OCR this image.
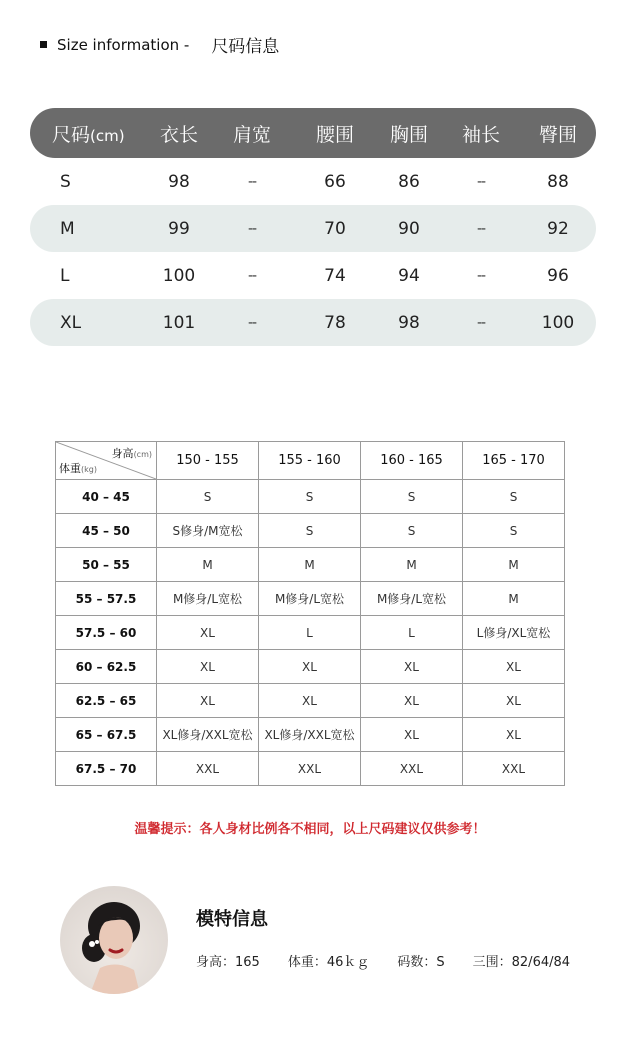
Size information - 尺码信息
尺码(cm)	衣长	肩宽	腰围	胸围	袖长	臀围
S	98	--	66	86	--	88
M	99	--	70	90	--	92
L	100	--	74	94	--	96
XL	101	--	78	98	--	100
身高(cm)
体重(kg)	150 - 155	155 - 160	160 - 165	165 - 170
40 – 45	S	S	S	S
45 – 50	S修身/M宽松	S	S	S
50 – 55	M	M	M	M
55 – 57.5	M修身/L宽松	M修身/L宽松	M修身/L宽松	M
57.5 – 60	XL	L	L	L修身/XL宽松
60 – 62.5	XL	XL	XL	XL
62.5 – 65	XL	XL	XL	XL
65 – 67.5	XL修身/XXL宽松	XL修身/XXL宽松	XL	XL
67.5 – 70	XXL	XXL	XXL	XXL
温馨提示：各人身材比例各不相同，以上尺码建议仅供参考！
模特信息
身高：165 体重：46ｋｇ 码数：S 三围：82/64/84
